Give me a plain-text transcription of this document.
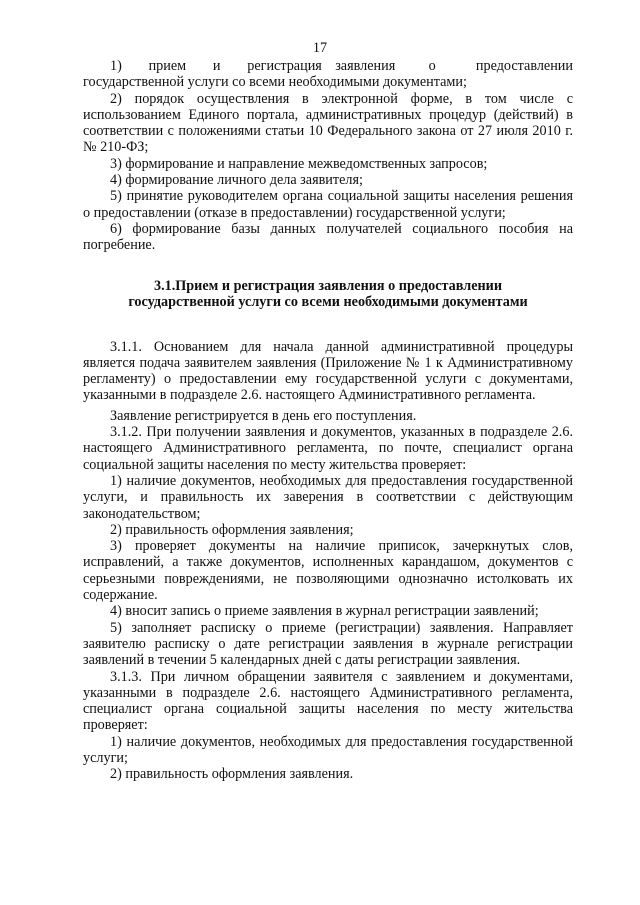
17

1)    прием    и    регистрация  заявления     о      предоставлении государственной услуги со всеми необходимыми документами;

2) порядок осуществления в электронной форме, в том числе с использованием Единого портала, административных процедур (действий) в соответствии с положениями статьи 10 Федерального закона от 27 июля 2010 г. № 210-ФЗ;

3) формирование и направление межведомственных запросов;

4) формирование личного дела заявителя;

5) принятие руководителем органа социальной защиты населения решения о предоставлении (отказе в предоставлении) государственной услуги;

6) формирование базы данных получателей социального пособия на погребение.

3.1.Прием и регистрация заявления о предоставлении
государственной услуги со всеми необходимыми документами

3.1.1. Основанием для начала данной административной процедуры является подача заявителем заявления (Приложение № 1 к Административному регламенту) о предоставлении ему государственной услуги с документами, указанными в подразделе 2.6. настоящего Административного регламента.

Заявление регистрируется в день его поступления.

3.1.2. При получении заявления и документов, указанных в подразделе 2.6. настоящего Административного регламента, по почте, специалист органа социальной защиты населения по месту жительства проверяет:

1) наличие документов, необходимых для предоставления государственной услуги, и правильность их заверения в соответствии с действующим законодательством;

2) правильность оформления заявления;

3) проверяет документы на наличие приписок, зачеркнутых слов, исправлений, а также документов, исполненных карандашом, документов с серьезными повреждениями, не позволяющими однозначно истолковать их содержание.

4) вносит запись о приеме заявления в журнал регистрации заявлений;

5) заполняет расписку о приеме (регистрации) заявления. Направляет заявителю расписку о дате регистрации заявления в журнале регистрации заявлений в течении 5 календарных дней с даты регистрации заявления.

3.1.3. При личном обращении заявителя с заявлением и документами, указанными в подразделе 2.6. настоящего Административного регламента, специалист органа социальной защиты населения по месту жительства проверяет:

1) наличие документов, необходимых для предоставления государственной услуги;

2) правильность оформления заявления.
